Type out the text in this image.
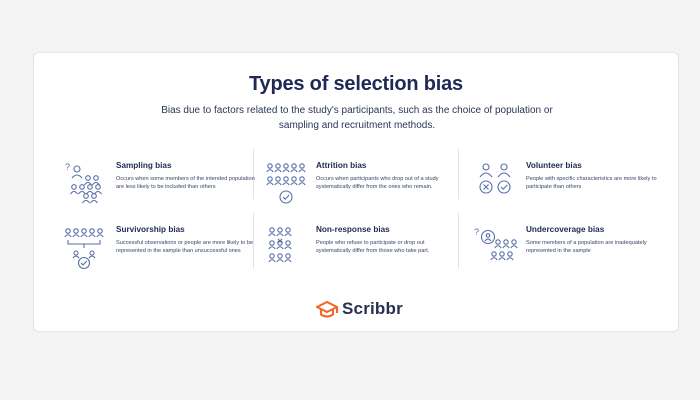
Types of selection bias
Bias due to factors related to the study's participants, such as the choice of population or sampling and recruitment methods.
?	Sampling bias
Occurs when some members of the intended population are less likely to be included than others
Attrition bias
Occurs when participants who drop out of a study systematically differ from the ones who remain.
Volunteer bias
People with specific characteristics are more likely to participate than others
Survivorship bias
Successful observations or people are more likely to be represented in the sample than unsuccessful ones
Non-response bias
People who refuse to participate or drop out systematically differ from those who take part.
?	Undercoverage bias
Some members of a population are inadequately represented in the sample
Scribbr
